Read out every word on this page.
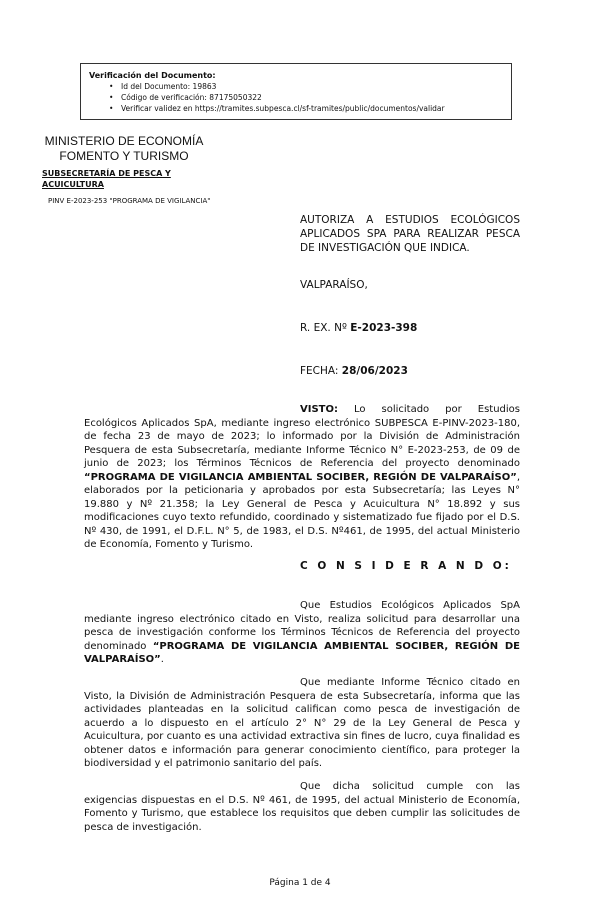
Verificación del Documento:
• Id del Documento: 19863
• Código de verificación: 87175050322
• Verificar validez en https://tramites.subpesca.cl/sf-tramites/public/documentos/validar
MINISTERIO DE ECONOMÍA
FOMENTO Y TURISMO
SUBSECRETARÍA DE PESCA Y ACUICULTURA
PINV E-2023-253 "PROGRAMA DE VIGILANCIA"
AUTORIZA A ESTUDIOS ECOLÓGICOS APLICADOS SPA PARA REALIZAR PESCA DE INVESTIGACIÓN QUE INDICA.
VALPARAÍSO,
R. EX. Nº E-2023-398
FECHA: 28/06/2023
VISTO: Lo solicitado por Estudios Ecológicos Aplicados SpA, mediante ingreso electrónico SUBPESCA E-PINV-2023-180, de fecha 23 de mayo de 2023; lo informado por la División de Administración Pesquera de esta Subsecretaría, mediante Informe Técnico N° E-2023-253, de 09 de junio de 2023; los Términos Técnicos de Referencia del proyecto denominado “PROGRAMA DE VIGILANCIA AMBIENTAL SOCIBER, REGIÓN DE VALPARAÍSO”, elaborados por la peticionaria y aprobados por esta Subsecretaría; las Leyes N° 19.880 y Nº 21.358; la Ley General de Pesca y Acuicultura N° 18.892 y sus modificaciones cuyo texto refundido, coordinado y sistematizado fue fijado por el D.S. Nº 430, de 1991, el D.F.L. N° 5, de 1983, el D.S. Nº461, de 1995, del actual Ministerio de Economía, Fomento y Turismo.
C O N S I D E R A N D O:
Que Estudios Ecológicos Aplicados SpA mediante ingreso electrónico citado en Visto, realiza solicitud para desarrollar una pesca de investigación conforme los Términos Técnicos de Referencia del proyecto denominado “PROGRAMA DE VIGILANCIA AMBIENTAL SOCIBER, REGIÓN DE VALPARAÍSO”.
Que mediante Informe Técnico citado en Visto, la División de Administración Pesquera de esta Subsecretaría, informa que las actividades planteadas en la solicitud califican como pesca de investigación de acuerdo a lo dispuesto en el artículo 2° N° 29 de la Ley General de Pesca y Acuicultura, por cuanto es una actividad extractiva sin fines de lucro, cuya finalidad es obtener datos e información para generar conocimiento científico, para proteger la biodiversidad y el patrimonio sanitario del país.
Que dicha solicitud cumple con las exigencias dispuestas en el D.S. Nº 461, de 1995, del actual Ministerio de Economía, Fomento y Turismo, que establece los requisitos que deben cumplir las solicitudes de pesca de investigación.
Página 1 de 4
